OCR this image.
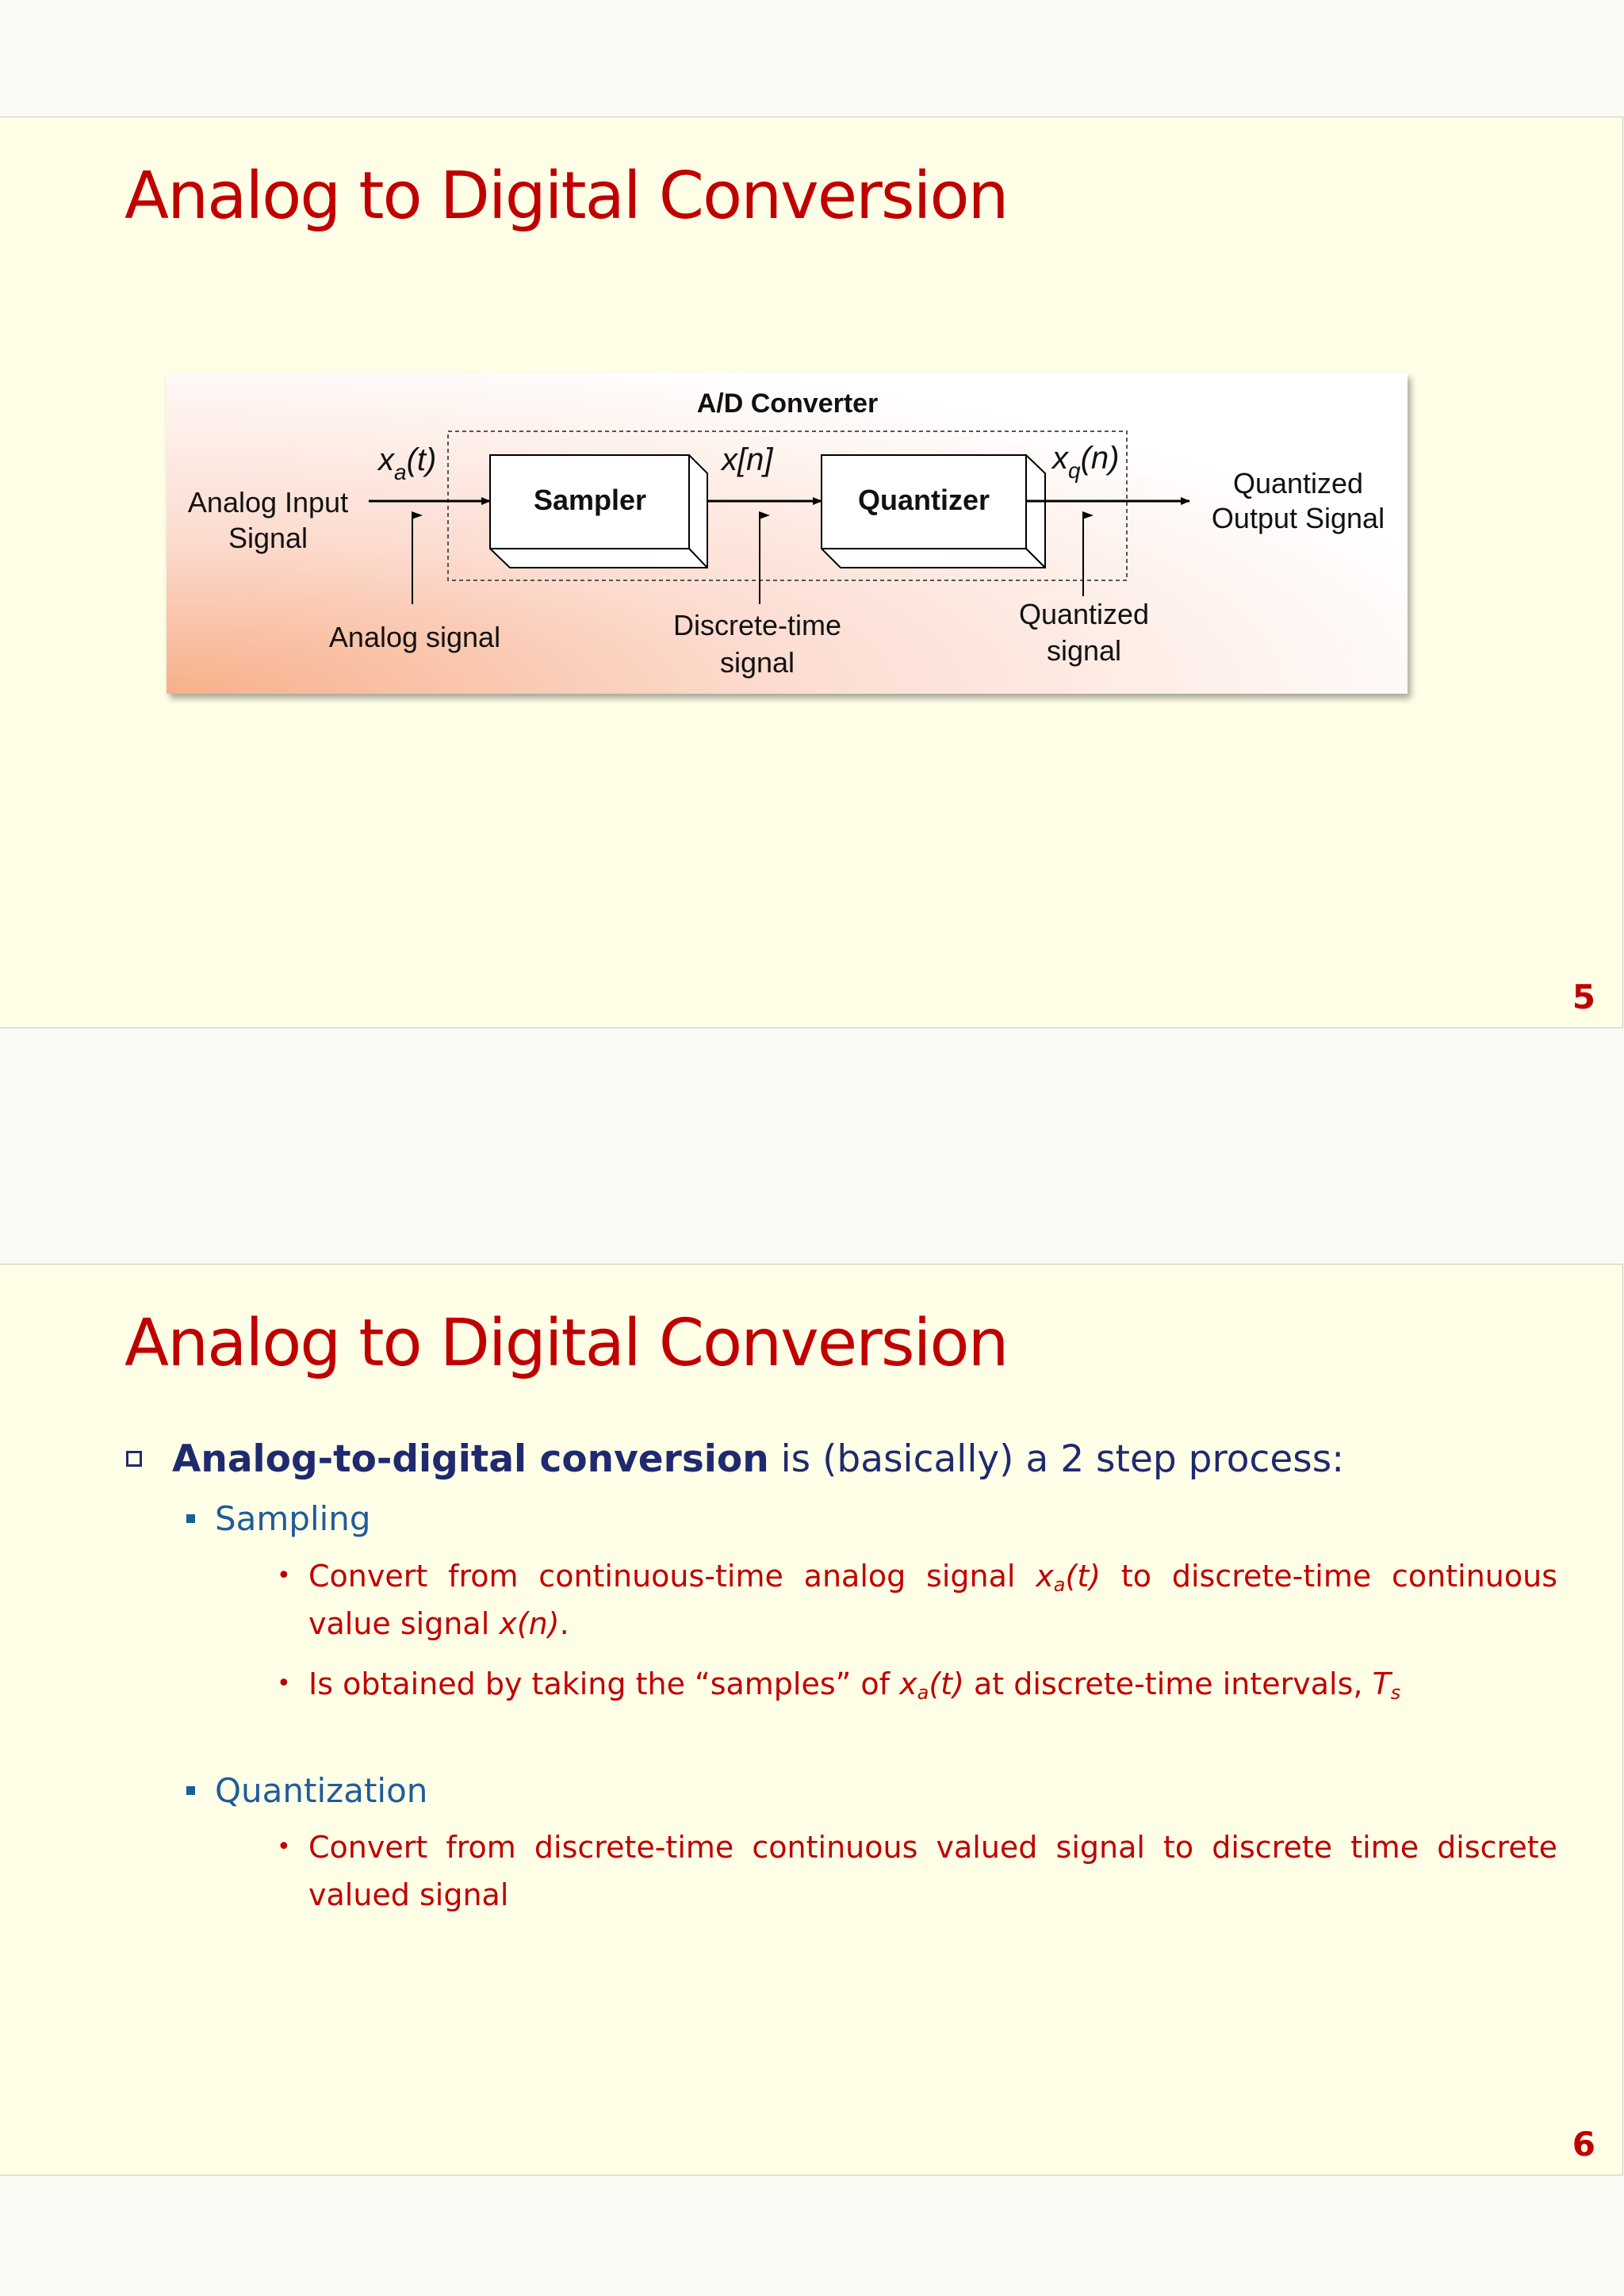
Analog to Digital Conversion
A/D Converter
Analog Input
Signal
$x_a(t)$
Sampler
x[n]
Quantizer
$x_q(n)$
Quantized
Output Signal
Analog signal	Discrete-time
signal
Quantized
signal
5
Analog to Digital Conversion
Analog-to-digital conversion is (basically) a 2 step process:
Sampling
• Convert from continuous-time analog signal $x_a(t)$ to discrete-time continuous value signal x(n).
• Is obtained by taking the “samples” of $x_a(t)$ at discrete-time intervals, $T_s$
Quantization
• Convert from discrete-time continuous valued signal to discrete time discrete valued signal
6
